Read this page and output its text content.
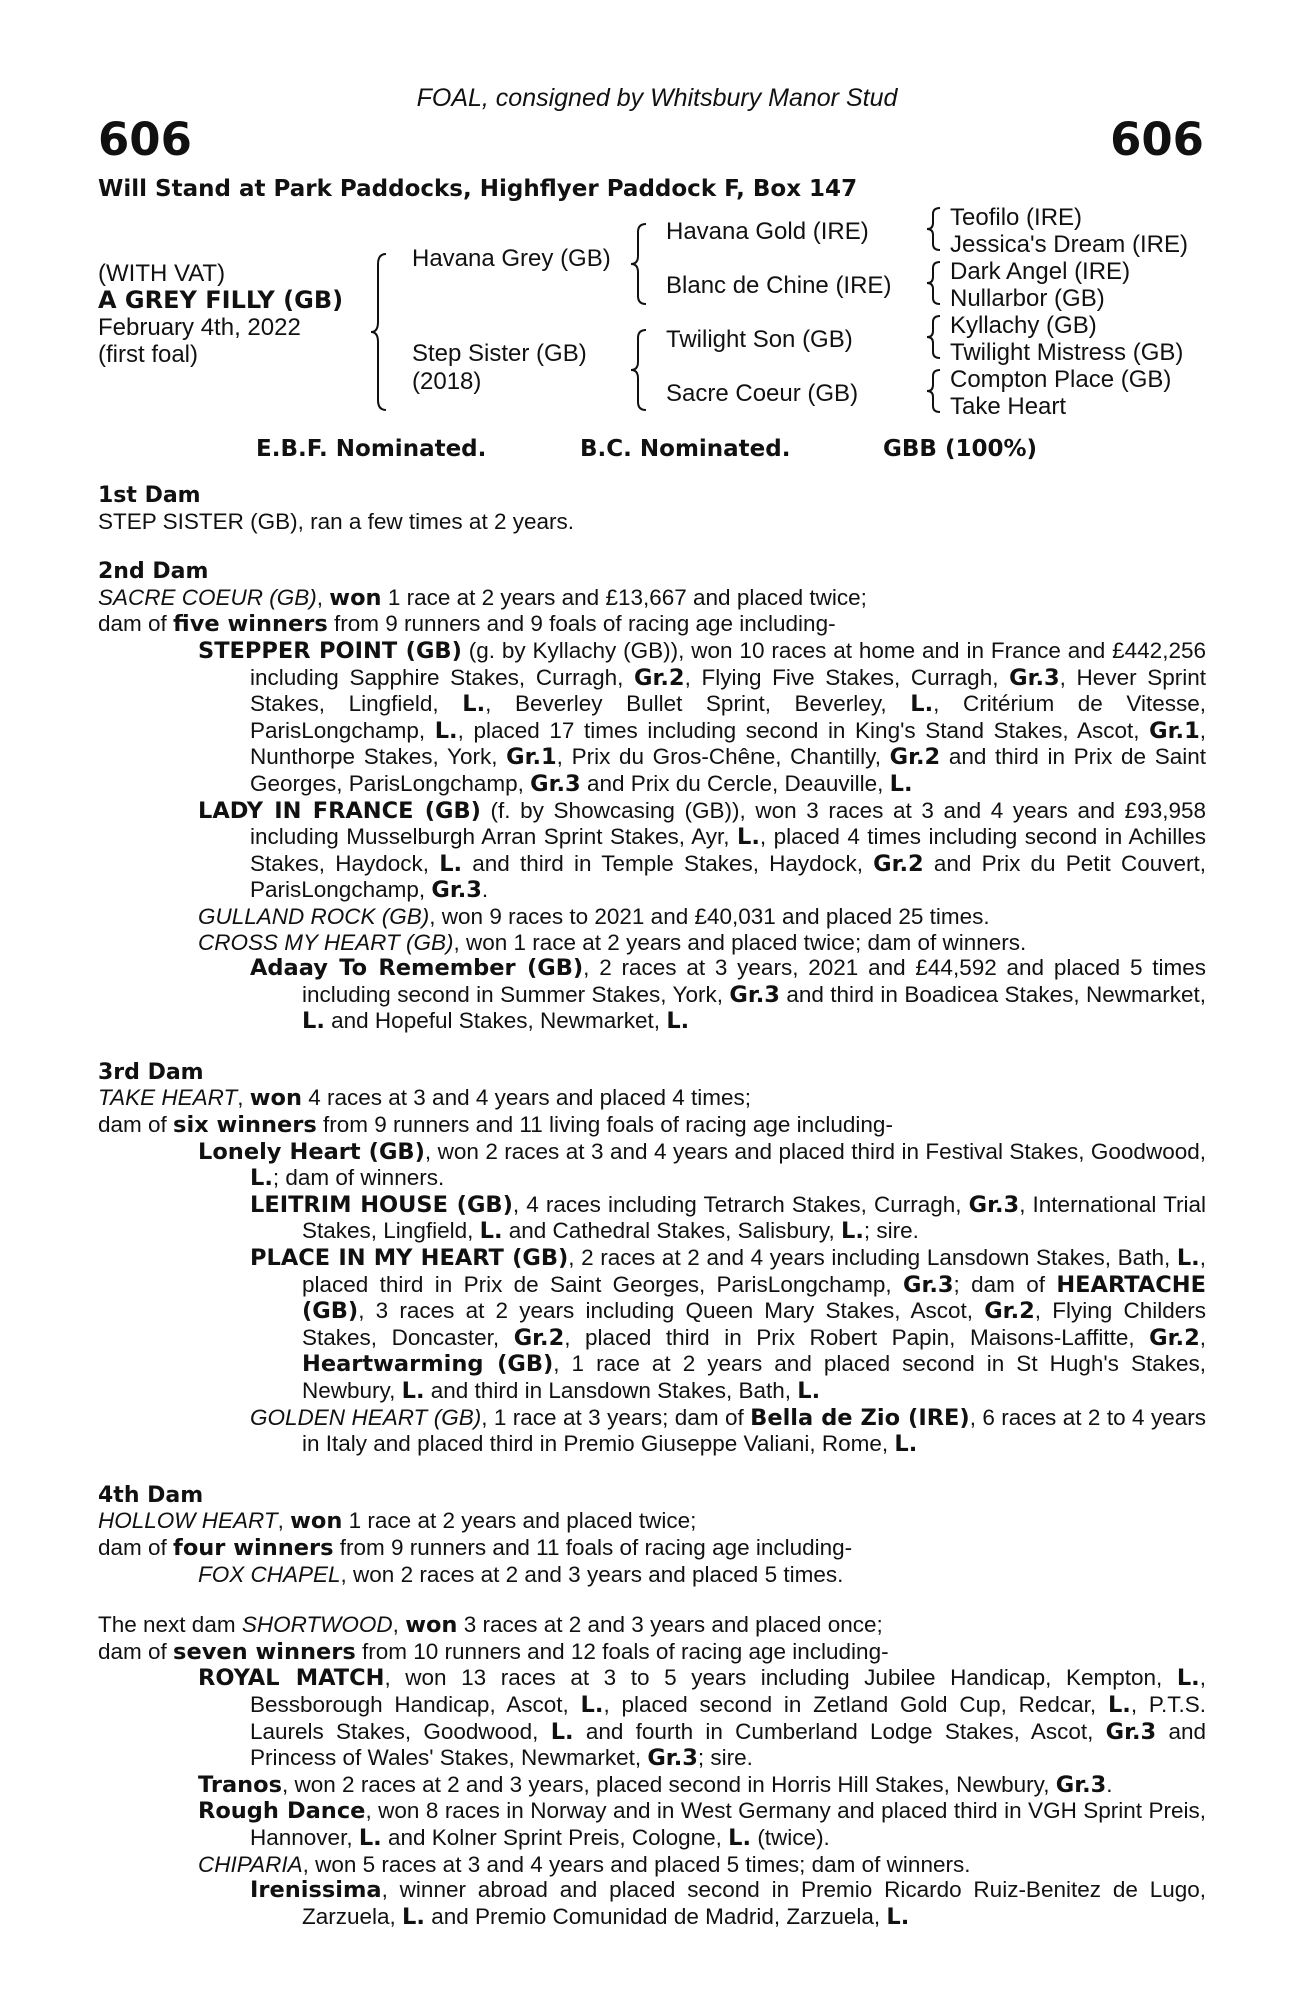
FOAL, consigned by Whitsbury Manor Stud
606	606
Will Stand at Park Paddocks, Highflyer Paddock F, Box 147
(WITH VAT)
A GREY FILLY (GB)
February 4th, 2022
(first foal)
Havana Grey (GB)
Step Sister (GB)
(2018)
Havana Gold (IRE)
Blanc de Chine (IRE)
Twilight Son (GB)
Sacre Coeur (GB)
Teofilo (IRE)
Jessica's Dream (IRE)
Dark Angel (IRE)
Nullarbor (GB)
Kyllachy (GB)
Twilight Mistress (GB)
Compton Place (GB)
Take Heart
E.B.F. Nominated.	B.C. Nominated.	GBB (100%)
1st Dam
STEP SISTER (GB), ran a few times at 2 years.
2nd Dam
SACRE COEUR (GB), won 1 race at 2 years and £13,667 and placed twice;
dam of five winners from 9 runners and 9 foals of racing age including-
STEPPER POINT (GB) (g. by Kyllachy (GB)), won 10 races at home and in France and £442,256 including Sapphire Stakes, Curragh, Gr.2, Flying Five Stakes, Curragh, Gr.3, Hever Sprint Stakes, Lingfield, L., Beverley Bullet Sprint, Beverley, L., Critérium de Vitesse, ParisLongchamp, L., placed 17 times including second in King's Stand Stakes, Ascot, Gr.1, Nunthorpe Stakes, York, Gr.1, Prix du Gros-Chêne, Chantilly, Gr.2 and third in Prix de Saint Georges, ParisLongchamp, Gr.3 and Prix du Cercle, Deauville, L.
LADY IN FRANCE (GB) (f. by Showcasing (GB)), won 3 races at 3 and 4 years and £93,958 including Musselburgh Arran Sprint Stakes, Ayr, L., placed 4 times including second in Achilles Stakes, Haydock, L. and third in Temple Stakes, Haydock, Gr.2 and Prix du Petit Couvert, ParisLongchamp, Gr.3.
GULLAND ROCK (GB), won 9 races to 2021 and £40,031 and placed 25 times.
CROSS MY HEART (GB), won 1 race at 2 years and placed twice; dam of winners.
Adaay To Remember (GB), 2 races at 3 years, 2021 and £44,592 and placed 5 times including second in Summer Stakes, York, Gr.3 and third in Boadicea Stakes, Newmarket, L. and Hopeful Stakes, Newmarket, L.
3rd Dam
TAKE HEART, won 4 races at 3 and 4 years and placed 4 times;
dam of six winners from 9 runners and 11 living foals of racing age including-
Lonely Heart (GB), won 2 races at 3 and 4 years and placed third in Festival Stakes, Goodwood, L.; dam of winners.
LEITRIM HOUSE (GB), 4 races including Tetrarch Stakes, Curragh, Gr.3, International Trial Stakes, Lingfield, L. and Cathedral Stakes, Salisbury, L.; sire.
PLACE IN MY HEART (GB), 2 races at 2 and 4 years including Lansdown Stakes, Bath, L., placed third in Prix de Saint Georges, ParisLongchamp, Gr.3; dam of HEARTACHE (GB), 3 races at 2 years including Queen Mary Stakes, Ascot, Gr.2, Flying Childers Stakes, Doncaster, Gr.2, placed third in Prix Robert Papin, Maisons-Laffitte, Gr.2, Heartwarming (GB), 1 race at 2 years and placed second in St Hugh's Stakes, Newbury, L. and third in Lansdown Stakes, Bath, L.
GOLDEN HEART (GB), 1 race at 3 years; dam of Bella de Zio (IRE), 6 races at 2 to 4 years in Italy and placed third in Premio Giuseppe Valiani, Rome, L.
4th Dam
HOLLOW HEART, won 1 race at 2 years and placed twice;
dam of four winners from 9 runners and 11 foals of racing age including-
FOX CHAPEL, won 2 races at 2 and 3 years and placed 5 times.
The next dam SHORTWOOD, won 3 races at 2 and 3 years and placed once;
dam of seven winners from 10 runners and 12 foals of racing age including-
ROYAL MATCH, won 13 races at 3 to 5 years including Jubilee Handicap, Kempton, L., Bessborough Handicap, Ascot, L., placed second in Zetland Gold Cup, Redcar, L., P.T.S. Laurels Stakes, Goodwood, L. and fourth in Cumberland Lodge Stakes, Ascot, Gr.3 and Princess of Wales' Stakes, Newmarket, Gr.3; sire.
Tranos, won 2 races at 2 and 3 years, placed second in Horris Hill Stakes, Newbury, Gr.3.
Rough Dance, won 8 races in Norway and in West Germany and placed third in VGH Sprint Preis, Hannover, L. and Kolner Sprint Preis, Cologne, L. (twice).
CHIPARIA, won 5 races at 3 and 4 years and placed 5 times; dam of winners.
Irenissima, winner abroad and placed second in Premio Ricardo Ruiz-Benitez de Lugo, Zarzuela, L. and Premio Comunidad de Madrid, Zarzuela, L.
